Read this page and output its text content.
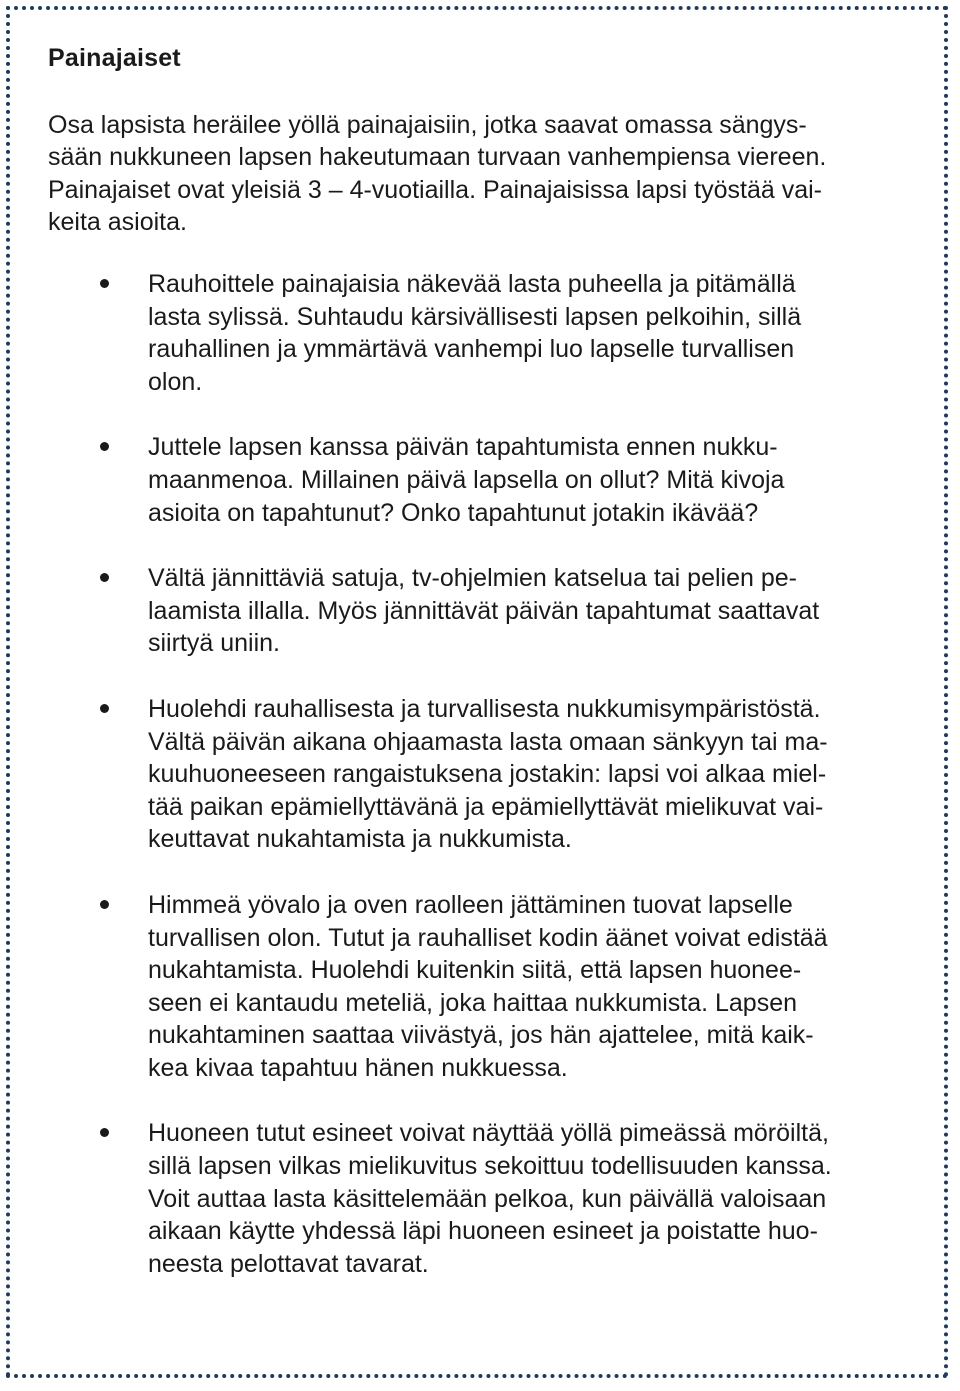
Painajaiset

Osa lapsista heräilee yöllä painajaisiin, jotka saavat omassa sängys-
sään nukkuneen lapsen hakeutumaan turvaan vanhempiensa viereen.
Painajaiset ovat yleisiä 3 – 4-vuotiailla. Painajaisissa lapsi työstää vai-
keita asioita.

Rauhoittele painajaisia näkevää lasta puheella ja pitämällä
lasta sylissä. Suhtaudu kärsivällisesti lapsen pelkoihin, sillä
rauhallinen ja ymmärtävä vanhempi luo lapselle turvallisen
olon.
Juttele lapsen kanssa päivän tapahtumista ennen nukku-
maanmenoa. Millainen päivä lapsella on ollut? Mitä kivoja
asioita on tapahtunut? Onko tapahtunut jotakin ikävää?
Vältä jännittäviä satuja, tv-ohjelmien katselua tai pelien pe-
laamista illalla. Myös jännittävät päivän tapahtumat saattavat
siirtyä uniin.
Huolehdi rauhallisesta ja turvallisesta nukkumisympäristöstä.
Vältä päivän aikana ohjaamasta lasta omaan sänkyyn tai ma-
kuuhuoneeseen rangaistuksena jostakin: lapsi voi alkaa miel-
tää paikan epämiellyttävänä ja epämiellyttävät mielikuvat vai-
keuttavat nukahtamista ja nukkumista.
Himmeä yövalo ja oven raolleen jättäminen tuovat lapselle
turvallisen olon. Tutut ja rauhalliset kodin äänet voivat edistää
nukahtamista. Huolehdi kuitenkin siitä, että lapsen huonee-
seen ei kantaudu meteliä, joka haittaa nukkumista. Lapsen
nukahtaminen saattaa viivästyä, jos hän ajattelee, mitä kaik-
kea kivaa tapahtuu hänen nukkuessa.
Huoneen tutut esineet voivat näyttää yöllä pimeässä möröiltä,
sillä lapsen vilkas mielikuvitus sekoittuu todellisuuden kanssa.
Voit auttaa lasta käsittelemään pelkoa, kun päivällä valoisaan
aikaan käytte yhdessä läpi huoneen esineet ja poistatte huo-
neesta pelottavat tavarat.
